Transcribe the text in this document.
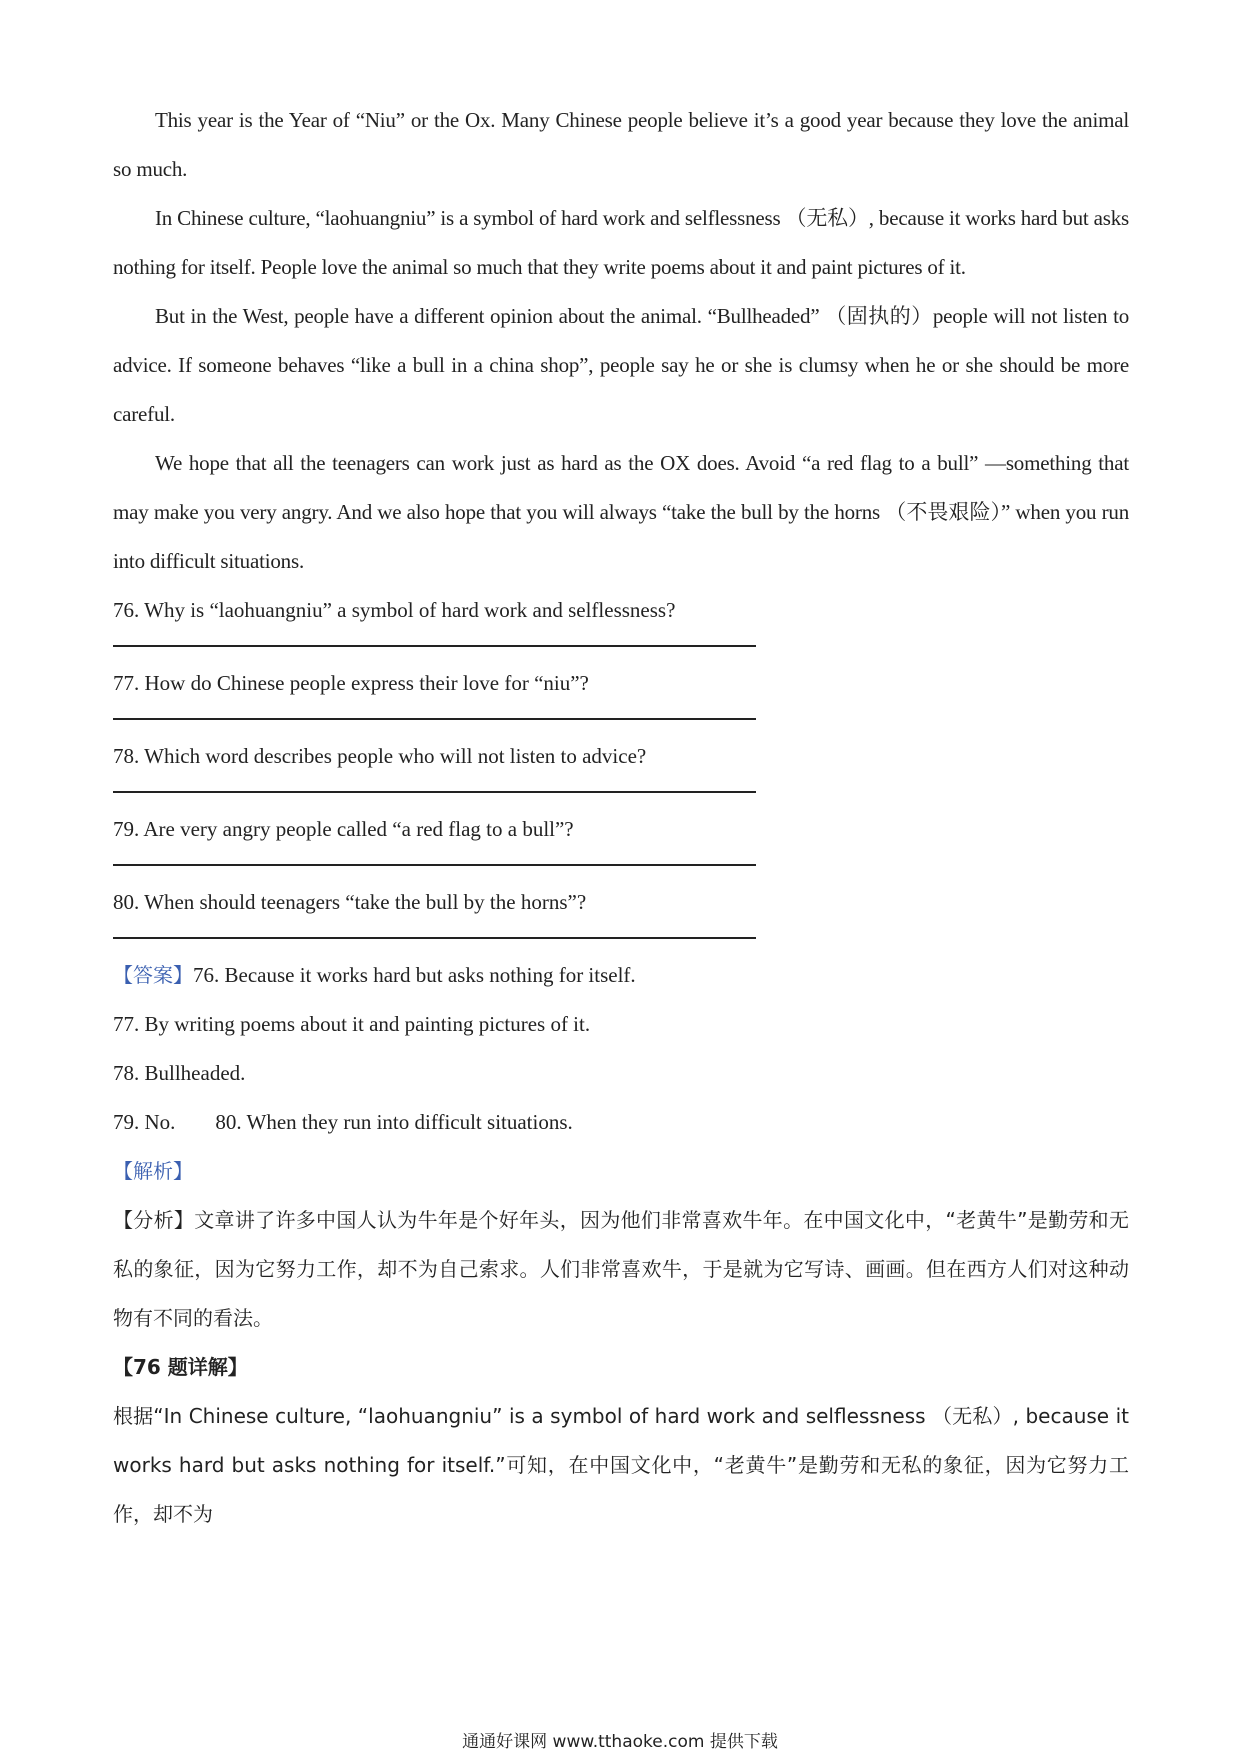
This year is the Year of “Niu” or the Ox. Many Chinese people believe it’s a good year because they love the animal so much.

In Chinese culture, “laohuangniu” is a symbol of hard work and selflessness （无私）, because it works hard but asks nothing for itself. People love the animal so much that they write poems about it and paint pictures of it.

But in the West, people have a different opinion about the animal. “Bullheaded” （固执的）people will not listen to advice. If someone behaves “like a bull in a china shop”, people say he or she is clumsy when he or she should be more careful.

We hope that all the teenagers can work just as hard as the OX does. Avoid “a red flag to a bull” —something that may make you very angry. And we also hope that you will always “take the bull by the horns （不畏艰险）” when you run into difficult situations.

76. Why is “laohuangniu” a symbol of hard work and selflessness?

77. How do Chinese people express their love for “niu”?

78. Which word describes people who will not listen to advice?

79. Are very angry people called “a red flag to a bull”?

80. When should teenagers “take the bull by the horns”?

【答案】76. Because it works hard but asks nothing for itself.

77. By writing poems about it and painting pictures of it.

78. Bullheaded.

79. No. 80. When they run into difficult situations.

【解析】

【分析】文章讲了许多中国人认为牛年是个好年头，因为他们非常喜欢牛年。在中国文化中，“老黄牛”是勤劳和无私的象征，因为它努力工作，却不为自己索求。人们非常喜欢牛，于是就为它写诗、画画。但在西方人们对这种动物有不同的看法。

【76 题详解】

根据“In Chinese culture, “laohuangniu” is a symbol of hard work and selflessness （无私）, because it works hard but asks nothing for itself.”可知，在中国文化中，“老黄牛”是勤劳和无私的象征，因为它努力工作，却不为

通通好课网 www.tthaoke.com 提供下载
